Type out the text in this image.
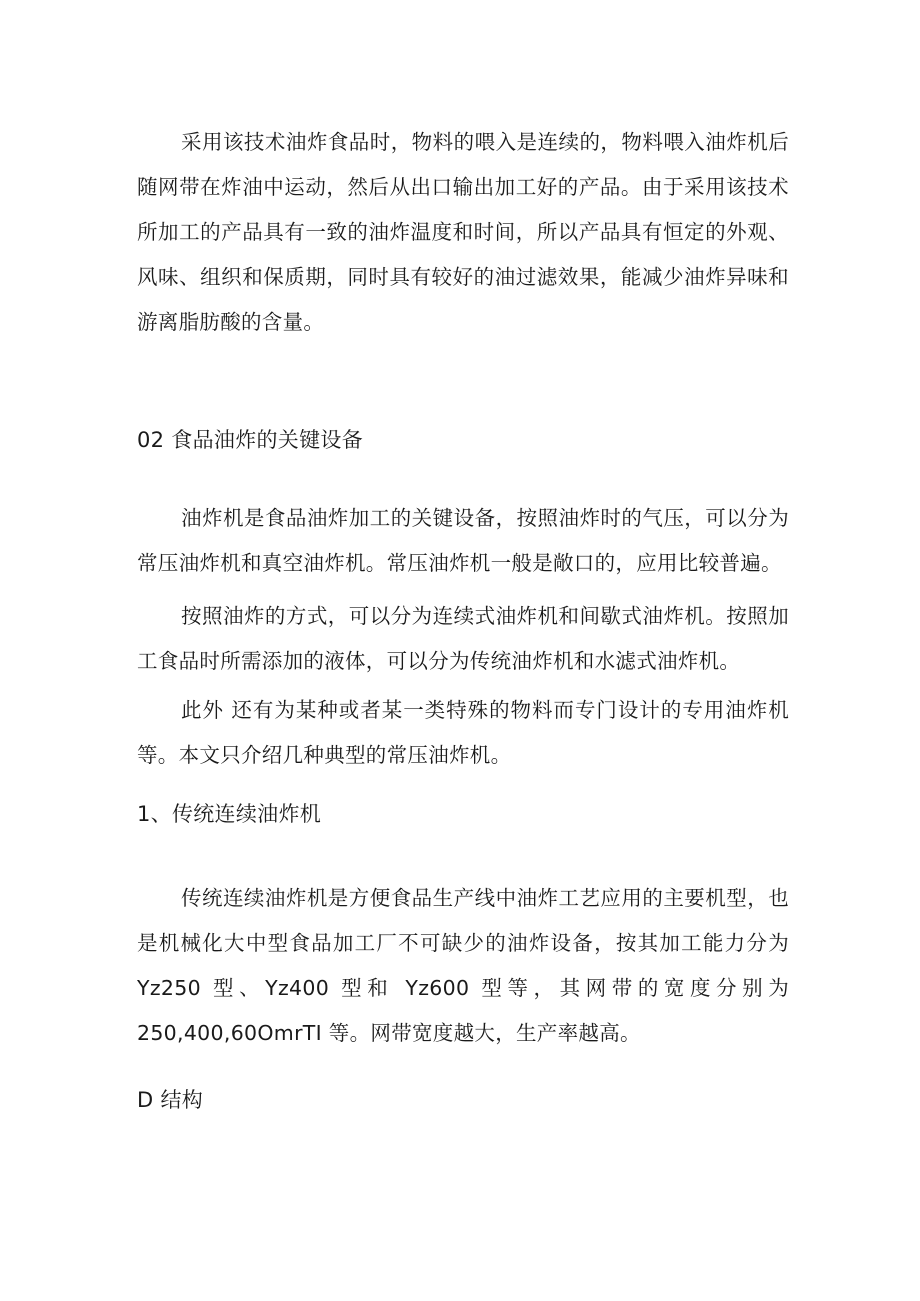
采用该技术油炸食品时，物料的喂入是连续的，物料喂入油炸机后随网带在炸油中运动，然后从出口输出加工好的产品。由于采用该技术所加工的产品具有一致的油炸温度和时间，所以产品具有恒定的外观、风味、组织和保质期，同时具有较好的油过滤效果，能减少油炸异味和游离脂肪酸的含量。

02 食品油炸的关键设备

油炸机是食品油炸加工的关键设备，按照油炸时的气压，可以分为常压油炸机和真空油炸机。常压油炸机一般是敞口的，应用比较普遍。

按照油炸的方式，可以分为连续式油炸机和间歇式油炸机。按照加工食品时所需添加的液体，可以分为传统油炸机和水滤式油炸机。

此外 还有为某种或者某一类特殊的物料而专门设计的专用油炸机等。本文只介绍几种典型的常压油炸机。

1、传统连续油炸机

传统连续油炸机是方便食品生产线中油炸工艺应用的主要机型，也是机械化大中型食品加工厂不可缺少的油炸设备，按其加工能力分为 Yz250 型、Yz400 型和 Yz600 型等，其网带的宽度分别为 250,400,60OmrTI 等。网带宽度越大，生产率越高。

D 结构
